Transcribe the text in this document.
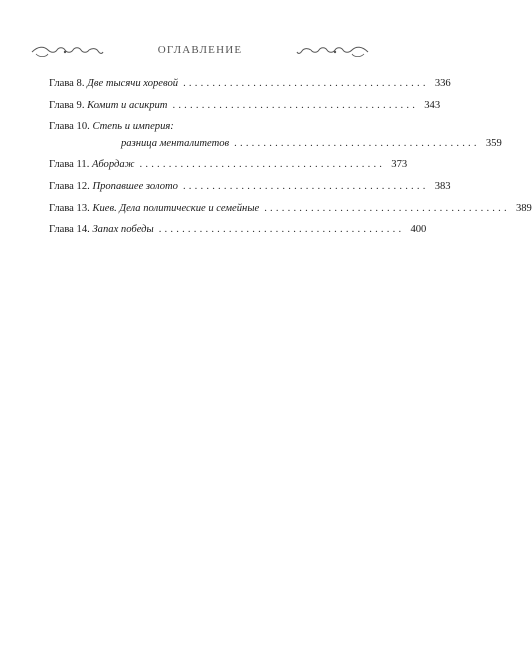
ОГЛАВЛЕНИЕ
Глава 8.
Две тысячи хоревой .......................................... 336
Глава 9.
Комит и асикрит .......................................... 343
Глава 10.
Степь и империя:
разница менталитетов .......................................... 359
Глава 11.
Абордаж .......................................... 373
Глава 12.
Пропавшее золото .......................................... 383
Глава 13.
Киев. Дела политические и семейные .......................................... 389
Глава 14.
Запах победы .......................................... 400
